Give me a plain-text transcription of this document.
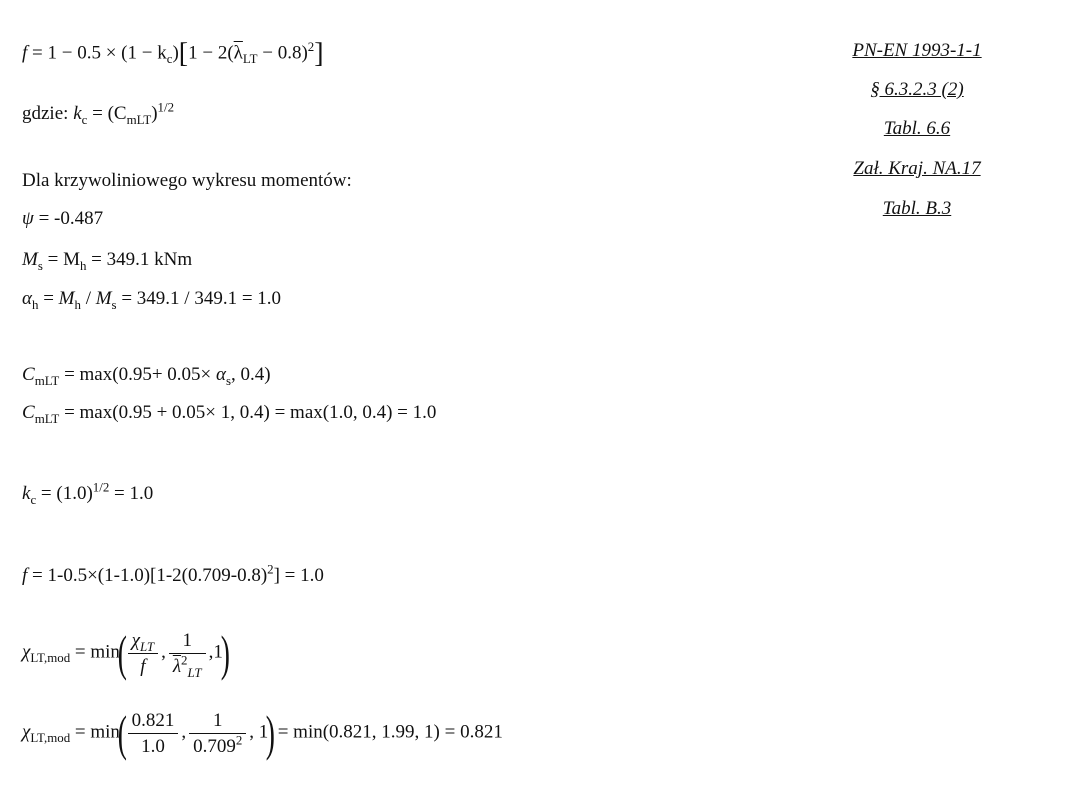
$f = 1 - 0.5 \times (1 - k_c)[1 - 2(\overline{\lambda}_{LT} - 0.8)^2]$
gdzie: $k_c = (C_{mLT})^{1/2}$
Dla krzywoliniowego wykresu momentów:
ψ = -0.487
$M_s = M_h = 349.1$ kNm
$\alpha_h = M_h / M_s = 349.1 / 349.1 = 1.0$
$C_{mLT} = \max(0.95+ 0.05\times \alpha_s$, 0.4)
$C_{mLT} = \max(0.95 + 0.05\times 1$, 0.4) = max(1.0, 0.4) = 1.0
$k_c = (1.0)^{1/2} = 1.0$
$f = 1-0.5\times(1-1.0)[1-2(0.709-0.8)^2] = 1.0$
$\chi_{LT,mod} = \min( \frac{\chi_{LT}}{f}$ , $\frac{1}{\overline{\lambda}^2_{LT}} ,1$)
$\chi_{LT,mod} = \min( \frac{0.821}{1.0}$ , $\frac{1}{0.709^2}$ , 1) = min(0.821, 1.99, 1) = 0.821
PN-EN 1993-1-1
§ 6.3.2.3 (2)
Tabl. 6.6
Zał. Kraj. NA.17
Tabl. B.3
